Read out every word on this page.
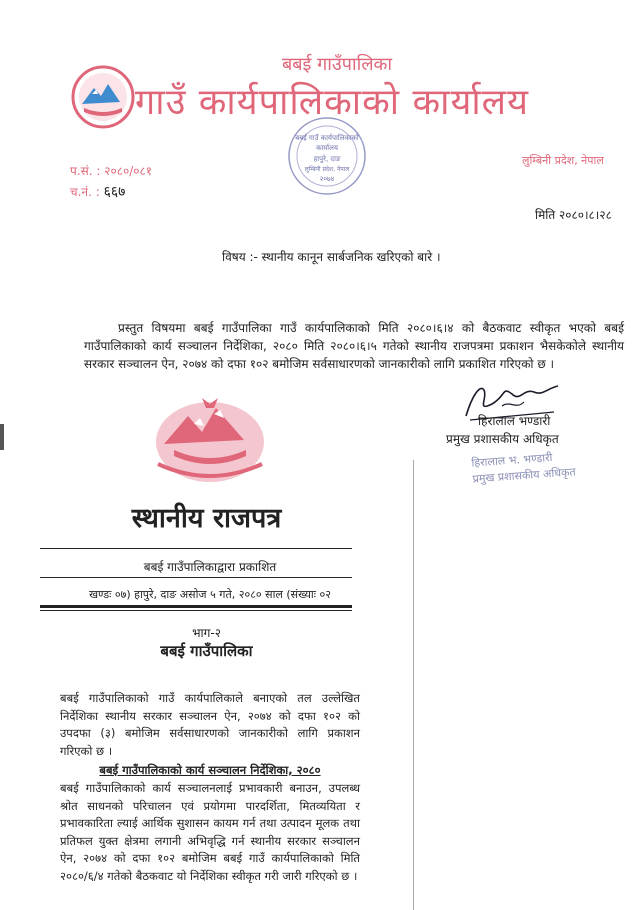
बबई गाउँपालिका
गाउँ कार्यपालिकाको कार्यालय
लुम्बिनी प्रदेश, नेपाल
बबई गाउँ कार्यपालिकाको
कार्यालय
हापुरे, दाङ
लुम्बिनी प्रदेश, नेपाल
२०७४
प.सं. : २०८०/०८१
च.नं. : ६६७
मिति २०८०।८।२८
विषय :- स्थानीय कानून सार्बजनिक खरिएको बारे ।

प्रस्तुत विषयमा बबई गाउँपालिका गाउँ कार्यपालिकाको मिति २०८०।६।४ को बैठकवाट स्वीकृत भएको बबई गाउँपालिकाको कार्य सञ्चालन निर्देशिका, २०८० मिति २०८०।६।५ गतेको स्थानीय राजपत्रमा प्रकाशन भैसकेकोले स्थानीय सरकार सञ्चालन ऐन, २०७४ को दफा १०२ बमोजिम सर्वसाधारणको जानकारीको लागि प्रकाशित गरिएको छ ।

हिरालाल भण्डारी
प्रमुख प्रशासकीय अधिकृत
हिरालाल भ. भण्डारी
प्रमुख प्रशासकीय अधिकृत
स्थानीय राजपत्र
बबई गाउँपालिकाद्वारा प्रकाशित
खण्डः ०७) हापुरे, दाङ असोज ५ गते, २०८० साल (संख्याः ०२
भाग-२
बबई गाउँपालिका

बबई गाउँपालिकाको गाउँ कार्यपालिकाले बनाएको तल उल्लेखित निर्देशिका स्थानीय सरकार सञ्चालन ऐन, २०७४ को दफा १०२ को उपदफा (३) बमोजिम सर्वसाधारणको जानकारीको लागि प्रकाशन गरिएको छ ।

बबई गाउँपालिकाको कार्य सञ्चालन निर्देशिका, २०८०

बबई गाउँपालिकाको कार्य सञ्चालनलाई प्रभावकारी बनाउन, उपलब्ध श्रोत साधनको परिचालन एवं प्रयोगमा पारदर्शिता, मितव्ययिता र प्रभावकारिता ल्याई आर्थिक सुशासन कायम गर्न तथा उत्पादन मूलक तथा प्रतिफल युक्त क्षेत्रमा लगानी अभिवृद्धि गर्न स्थानीय सरकार सञ्चालन ऐन, २०७४ को दफा १०२ बमोजिम बबई गाउँ कार्यपालिकाको मिति २०८०/६/४ गतेको बैठकवाट यो निर्देशिका स्वीकृत गरी जारी गरिएको छ ।
